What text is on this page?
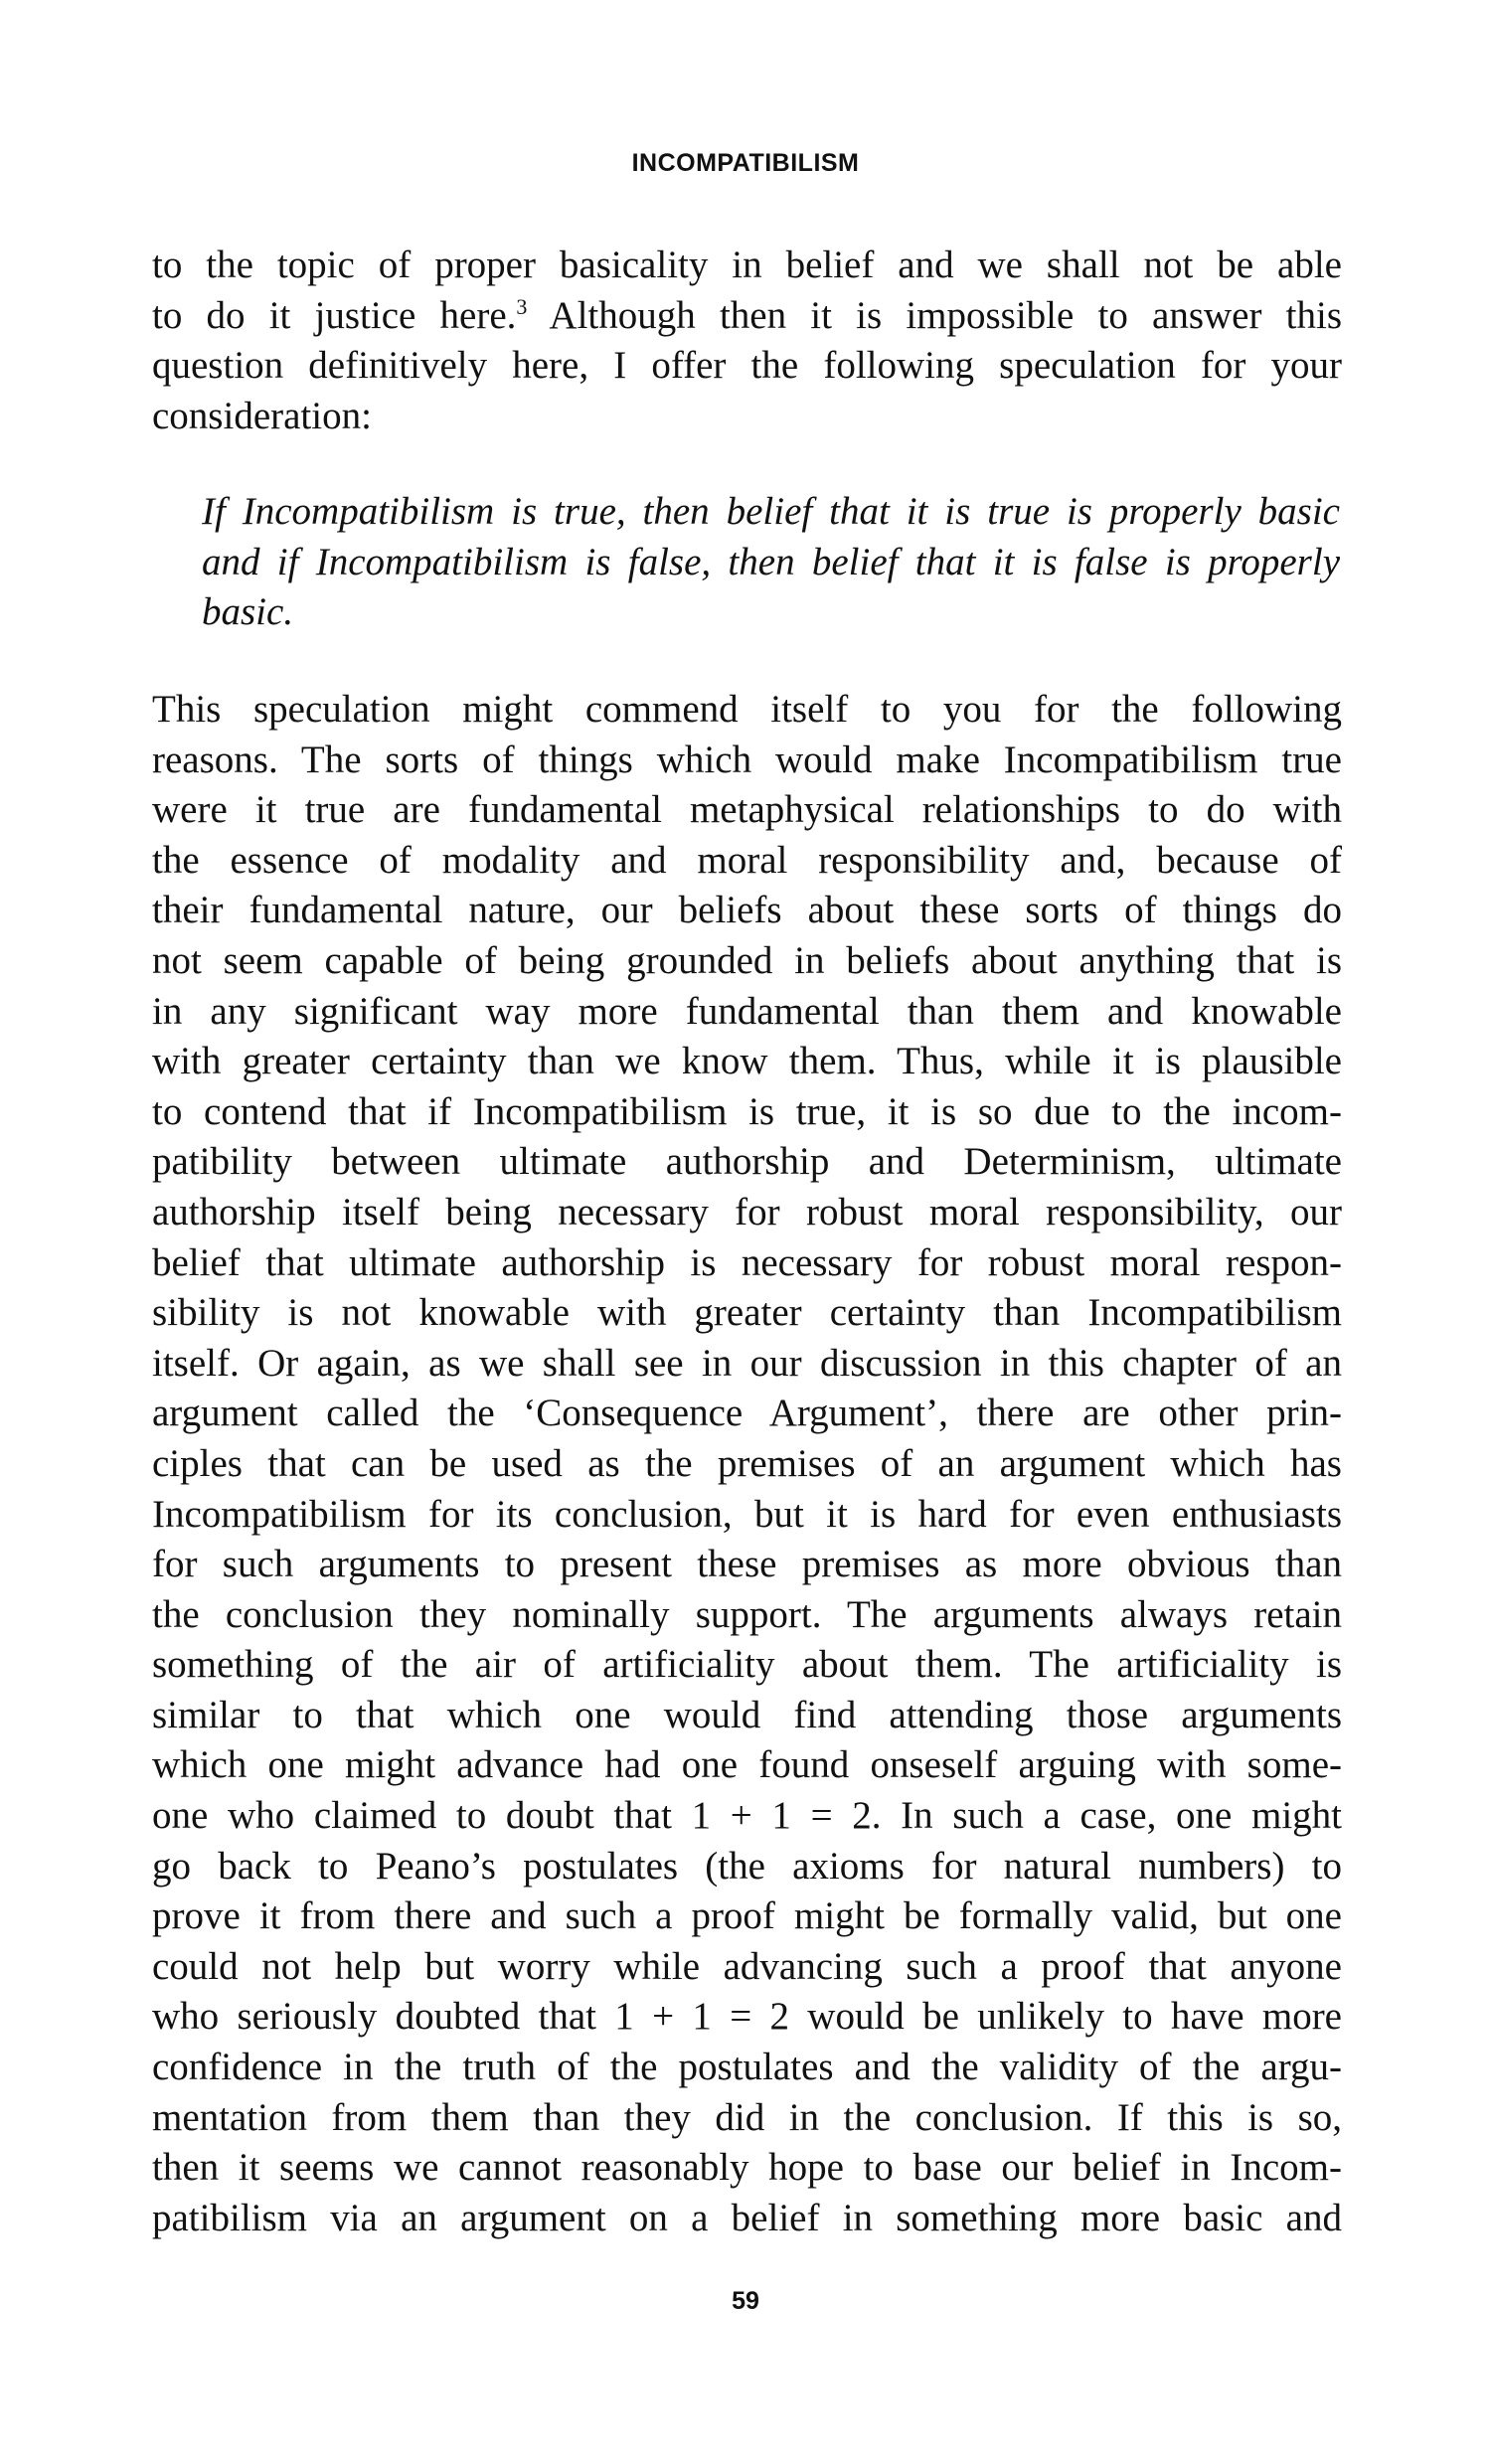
INCOMPATIBILISM
to the topic of proper basicality in belief and we shall not be able
to do it justice here.$^3$ Although then it is impossible to answer this
question definitively here, I offer the following speculation for your
consideration:
If Incompatibilism is true, then belief that it is true is properly basic
and if Incompatibilism is false, then belief that it is false is properly
basic.
This speculation might commend itself to you for the following
reasons. The sorts of things which would make Incompatibilism true
were it true are fundamental metaphysical relationships to do with
the essence of modality and moral responsibility and, because of
their fundamental nature, our beliefs about these sorts of things do
not seem capable of being grounded in beliefs about anything that is
in any significant way more fundamental than them and knowable
with greater certainty than we know them. Thus, while it is plausible
to contend that if Incompatibilism is true, it is so due to the incom-
patibility between ultimate authorship and Determinism, ultimate
authorship itself being necessary for robust moral responsibility, our
belief that ultimate authorship is necessary for robust moral respon-
sibility is not knowable with greater certainty than Incompatibilism
itself. Or again, as we shall see in our discussion in this chapter of an
argument called the ‘Consequence Argument’, there are other prin-
ciples that can be used as the premises of an argument which has
Incompatibilism for its conclusion, but it is hard for even enthusiasts
for such arguments to present these premises as more obvious than
the conclusion they nominally support. The arguments always retain
something of the air of artificiality about them. The artificiality is
similar to that which one would find attending those arguments
which one might advance had one found onseself arguing with some-
one who claimed to doubt that 1 + 1 = 2. In such a case, one might
go back to Peano’s postulates (the axioms for natural numbers) to
prove it from there and such a proof might be formally valid, but one
could not help but worry while advancing such a proof that anyone
who seriously doubted that 1 + 1 = 2 would be unlikely to have more
confidence in the truth of the postulates and the validity of the argu-
mentation from them than they did in the conclusion. If this is so,
then it seems we cannot reasonably hope to base our belief in Incom-
patibilism via an argument on a belief in something more basic and
59
